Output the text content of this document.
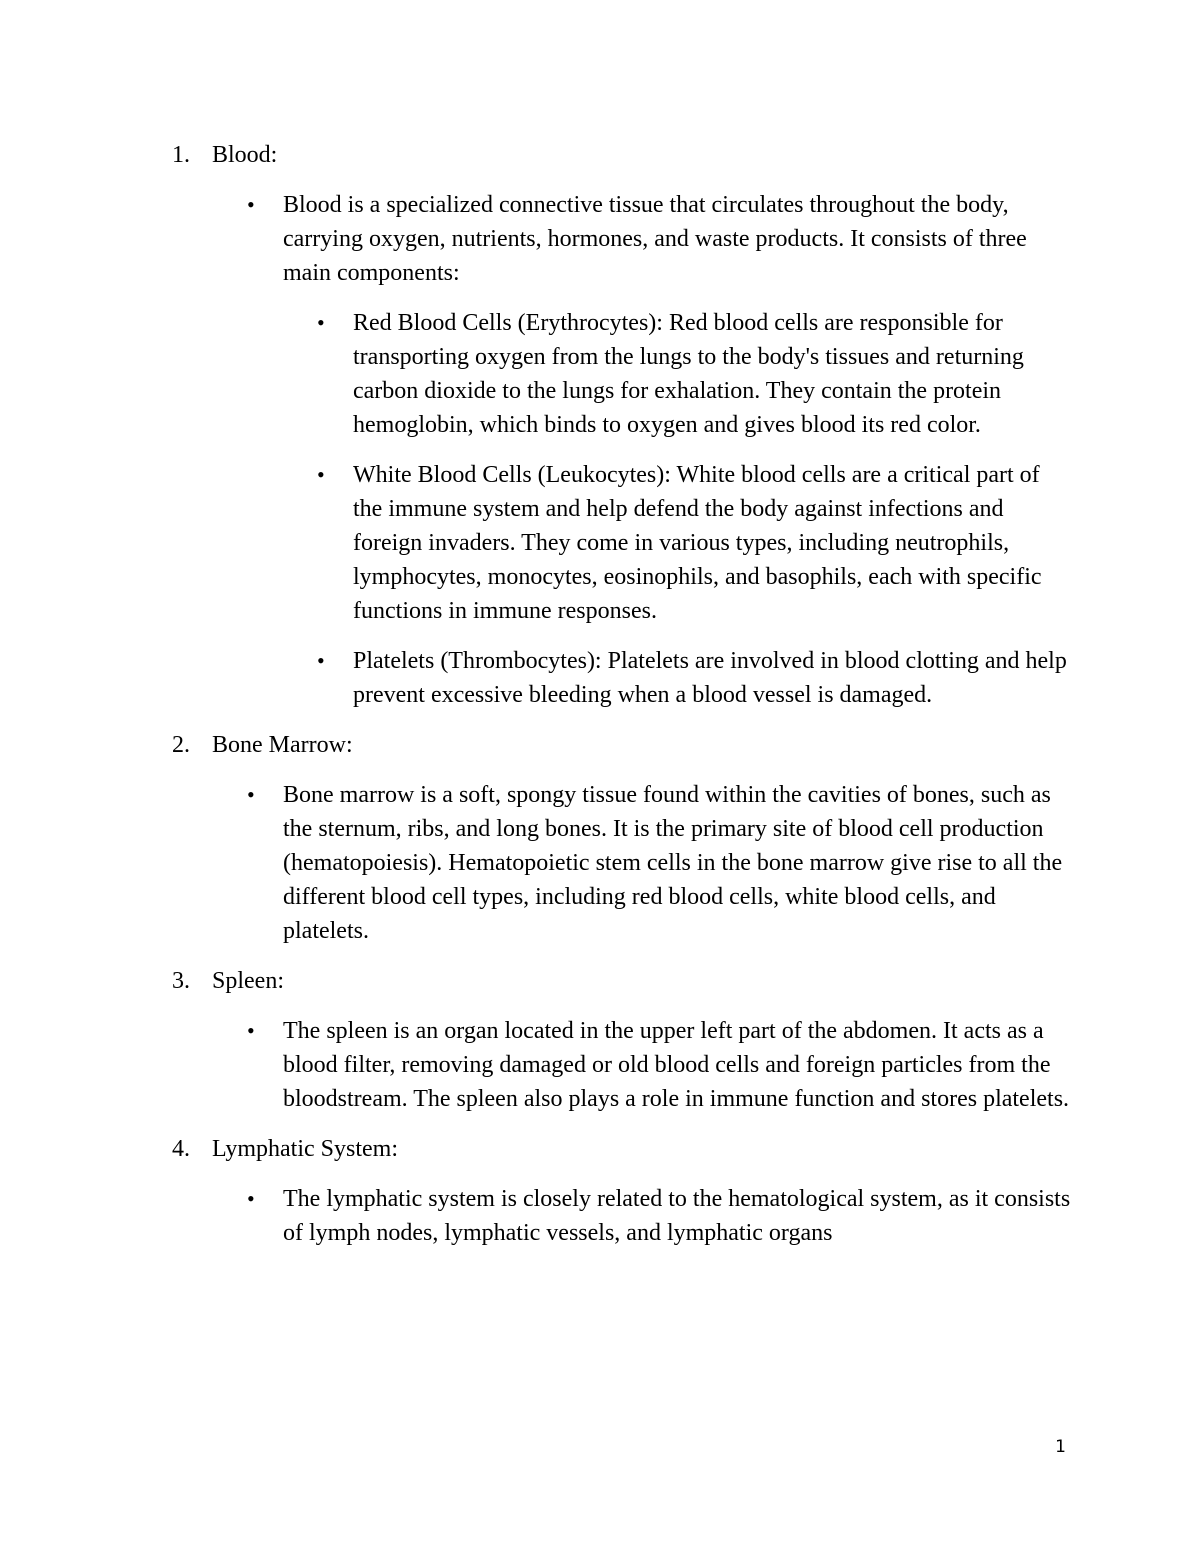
1. Blood:
• Blood is a specialized connective tissue that circulates throughout the body, carrying oxygen, nutrients, hormones, and waste products. It consists of three main components:
• Red Blood Cells (Erythrocytes): Red blood cells are responsible for transporting oxygen from the lungs to the body's tissues and returning carbon dioxide to the lungs for exhalation. They contain the protein hemoglobin, which binds to oxygen and gives blood its red color.
• White Blood Cells (Leukocytes): White blood cells are a critical part of the immune system and help defend the body against infections and foreign invaders. They come in various types, including neutrophils, lymphocytes, monocytes, eosinophils, and basophils, each with specific functions in immune responses.
• Platelets (Thrombocytes): Platelets are involved in blood clotting and help prevent excessive bleeding when a blood vessel is damaged.
2. Bone Marrow:
• Bone marrow is a soft, spongy tissue found within the cavities of bones, such as the sternum, ribs, and long bones. It is the primary site of blood cell production (hematopoiesis). Hematopoietic stem cells in the bone marrow give rise to all the different blood cell types, including red blood cells, white blood cells, and platelets.
3. Spleen:
• The spleen is an organ located in the upper left part of the abdomen. It acts as a blood filter, removing damaged or old blood cells and foreign particles from the bloodstream. The spleen also plays a role in immune function and stores platelets.
4. Lymphatic System:
• The lymphatic system is closely related to the hematological system, as it consists of lymph nodes, lymphatic vessels, and lymphatic organs
1
